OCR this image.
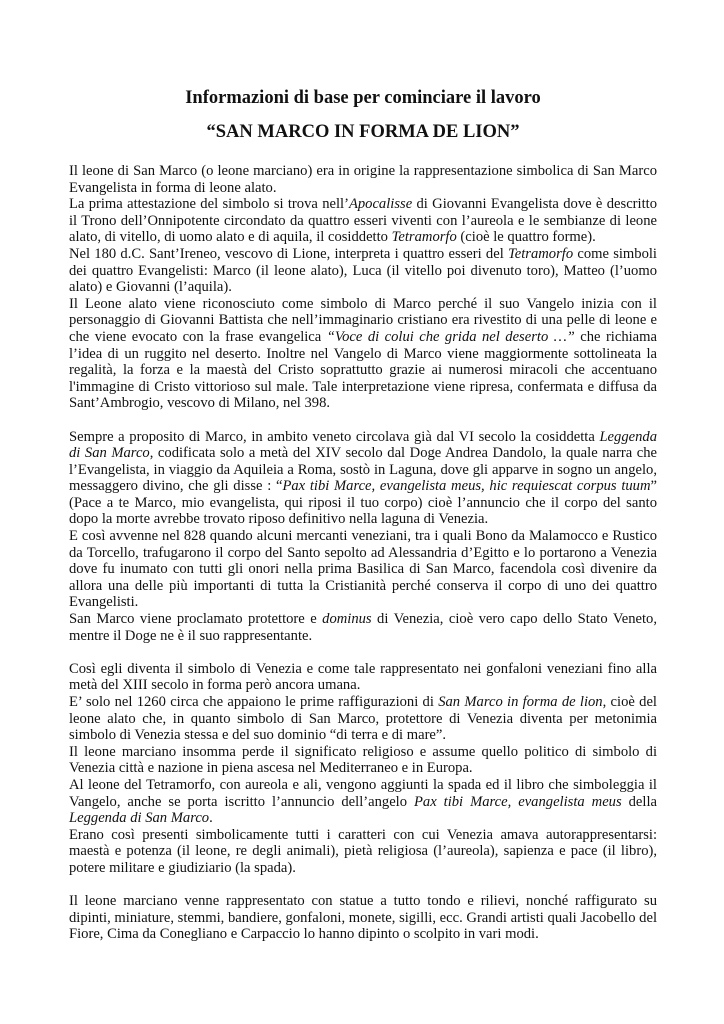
Informazioni di base per cominciare il lavoro
“SAN MARCO IN FORMA DE LION”

Il leone di San Marco (o leone marciano) era in origine la rappresentazione simbolica di San Marco Evangelista in forma di leone alato.

La prima attestazione del simbolo si trova nell’Apocalisse di Giovanni Evangelista dove è descritto il Trono dell’Onnipotente circondato da quattro esseri viventi con l’aureola e le sembianze di leone alato, di vitello, di uomo alato e di aquila, il cosiddetto Tetramorfo (cioè le quattro forme).

Nel 180 d.C. Sant’Ireneo, vescovo di Lione, interpreta i quattro esseri del Tetramorfo come simboli dei quattro Evangelisti: Marco (il leone alato), Luca (il vitello poi divenuto toro), Matteo (l’uomo alato) e Giovanni (l’aquila).

Il Leone alato viene riconosciuto come simbolo di Marco perché il suo Vangelo inizia con il personaggio di Giovanni Battista che nell’immaginario cristiano era rivestito di una pelle di leone e che viene evocato con la frase evangelica “Voce di colui che grida nel deserto …” che richiama l’idea di un ruggito nel deserto. Inoltre nel Vangelo di Marco viene maggiormente sottolineata la regalità, la forza e la maestà del Cristo soprattutto grazie ai numerosi miracoli che accentuano l'immagine di Cristo vittorioso sul male. Tale interpretazione viene ripresa, confermata e diffusa da Sant’Ambrogio, vescovo di Milano, nel 398.

Sempre a proposito di Marco, in ambito veneto circolava già dal VI secolo la cosiddetta Leggenda di San Marco, codificata solo a metà del XIV secolo dal Doge Andrea Dandolo, la quale narra che l’Evangelista, in viaggio da Aquileia a Roma, sostò in Laguna, dove gli apparve in sogno un angelo, messaggero divino, che gli disse : “Pax tibi Marce, evangelista meus, hic requiescat corpus tuum” (Pace a te Marco, mio evangelista, qui riposi il tuo corpo) cioè l’annuncio che il corpo del santo dopo la morte avrebbe trovato riposo definitivo nella laguna di Venezia.

E così avvenne nel 828 quando alcuni mercanti veneziani, tra i quali Bono da Malamocco e Rustico da Torcello, trafugarono il corpo del Santo sepolto ad Alessandria d’Egitto e lo portarono a Venezia dove fu inumato con tutti gli onori nella prima Basilica di San Marco, facendola così divenire da allora una delle più importanti di tutta la Cristianità perché conserva il corpo di uno dei quattro Evangelisti.

San Marco viene proclamato protettore e dominus di Venezia, cioè vero capo dello Stato Veneto, mentre il Doge ne è il suo rappresentante.

Così egli diventa il simbolo di Venezia e come tale rappresentato nei gonfaloni veneziani fino alla metà del XIII secolo in forma però ancora umana.

E’ solo nel 1260 circa che appaiono le prime raffigurazioni di San Marco in forma de lion, cioè del leone alato che, in quanto simbolo di San Marco, protettore di Venezia diventa per metonimia simbolo di Venezia stessa e del suo dominio “di terra e di mare”.

Il leone marciano insomma perde il significato religioso e assume quello politico di simbolo di Venezia città e nazione in piena ascesa nel Mediterraneo e in Europa.

Al leone del Tetramorfo, con aureola e ali, vengono aggiunti la spada ed il libro che simboleggia il Vangelo, anche se porta iscritto l’annuncio dell’angelo Pax tibi Marce, evangelista meus della Leggenda di San Marco.

Erano così presenti simbolicamente tutti i caratteri con cui Venezia amava autorappresentarsi: maestà e potenza (il leone, re degli animali), pietà religiosa (l’aureola), sapienza e pace (il libro), potere militare e giudiziario (la spada).

Il leone marciano venne rappresentato con statue a tutto tondo e rilievi, nonché raffigurato su dipinti, miniature, stemmi, bandiere, gonfaloni, monete, sigilli, ecc. Grandi artisti quali Jacobello del Fiore, Cima da Conegliano e Carpaccio lo hanno dipinto o scolpito in vari modi.
